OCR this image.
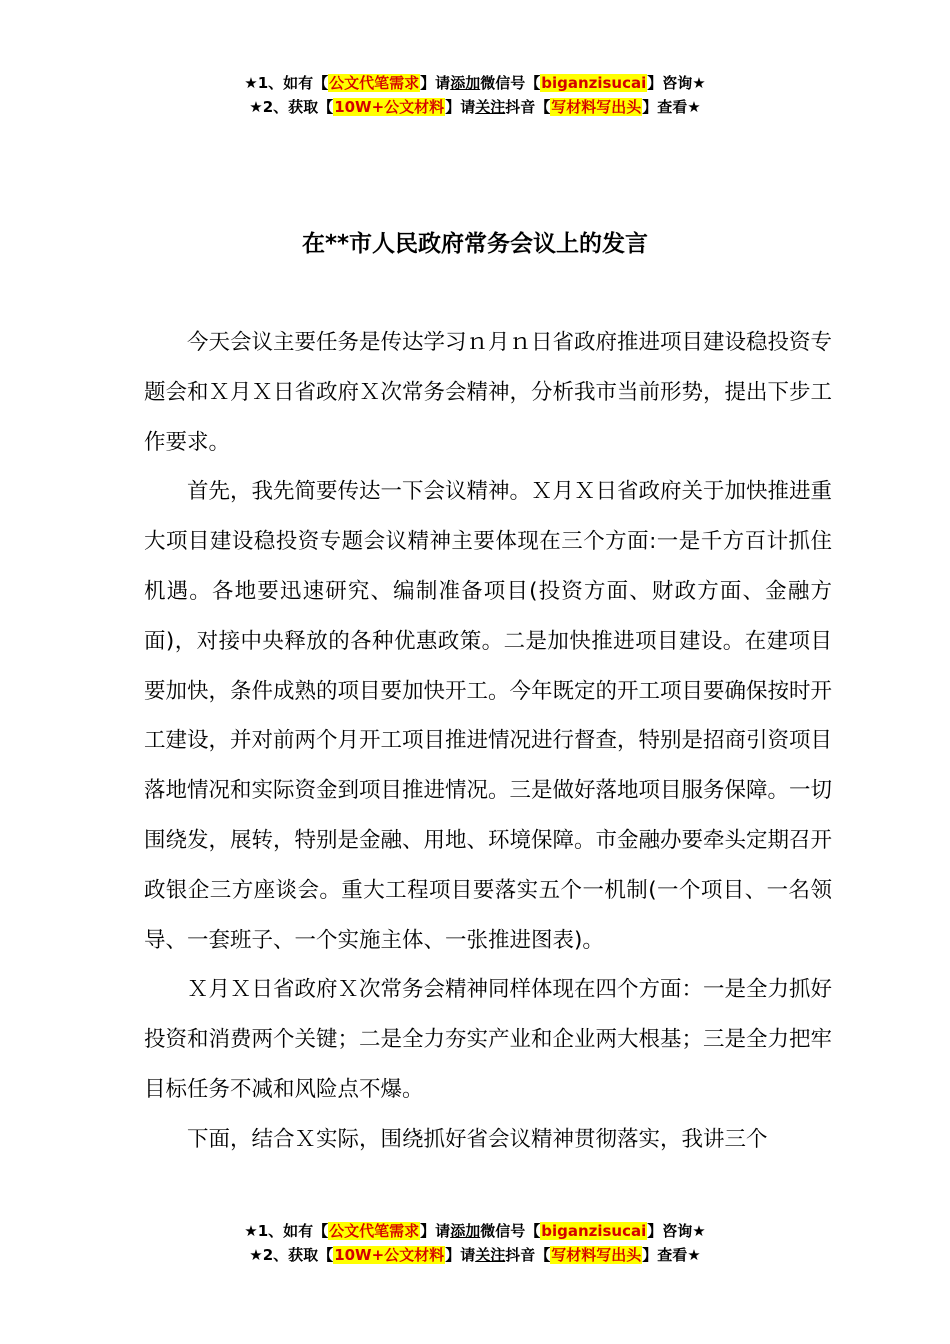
★1、如有【公文代笔需求】请添加微信号【biganzisucai】咨询★
★2、获取【10W+公文材料】请关注抖音【写材料写出头】查看★
在**市人民政府常务会议上的发言

今天会议主要任务是传达学习ｎ月ｎ日省政府推进项目建设稳投资专题会和Ｘ月Ｘ日省政府Ｘ次常务会精神，分析我市当前形势，提出下步工作要求。

首先，我先简要传达一下会议精神。Ｘ月Ｘ日省政府关于加快推进重大项目建设稳投资专题会议精神主要体现在三个方面:一是千方百计抓住机遇。各地要迅速研究、编制准备项目(投资方面、财政方面、金融方面)，对接中央释放的各种优惠政策。二是加快推进项目建设。在建项目要加快，条件成熟的项目要加快开工。今年既定的开工项目要确保按时开工建设，并对前两个月开工项目推进情况进行督查，特别是招商引资项目落地情况和实际资金到项目推进情况。三是做好落地项目服务保障。一切围绕发，展转，特别是金融、用地、环境保障。市金融办要牵头定期召开政银企三方座谈会。重大工程项目要落实五个一机制(一个项目、一名领导、一套班子、一个实施主体、一张推进图表)。

Ｘ月Ｘ日省政府Ｘ次常务会精神同样体现在四个方面：一是全力抓好投资和消费两个关键；二是全力夯实产业和企业两大根基；三是全力把牢目标任务不减和风险点不爆。

下面，结合Ｘ实际，围绕抓好省会议精神贯彻落实，我讲三个

★1、如有【公文代笔需求】请添加微信号【biganzisucai】咨询★
★2、获取【10W+公文材料】请关注抖音【写材料写出头】查看★
